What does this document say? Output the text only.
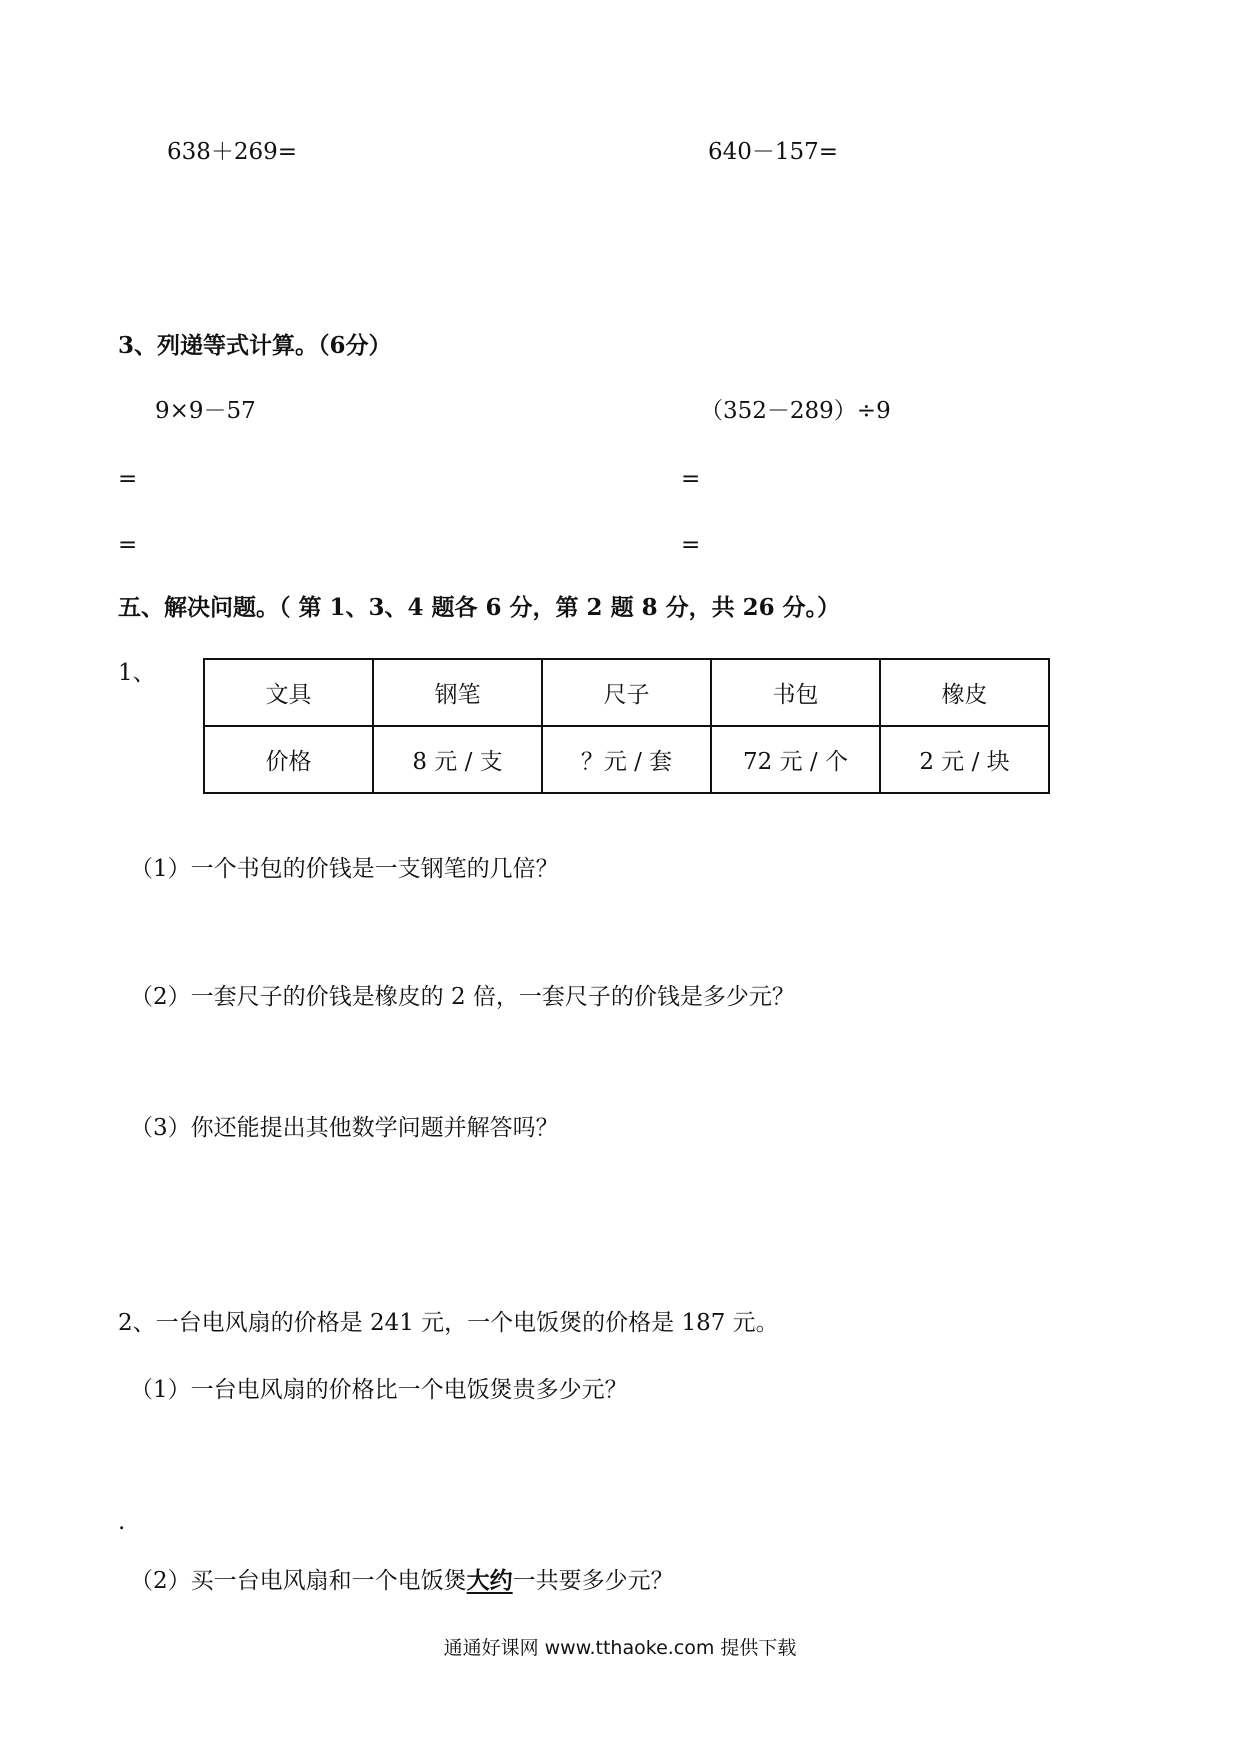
638＋269=	640－157=
3、列递等式计算。（6分）
9×9－57	（352－289）÷9
=	=
=	=
五、解决问题。（ 第 1、3、4 题各 6 分，第 2 题 8 分，共 26 分。）
1、
文具	钢笔	尺子	书包	橡皮
价格	8 元 / 支	？元 / 套	72 元 / 个	2 元 / 块
（1）一个书包的价钱是一支钢笔的几倍？
（2）一套尺子的价钱是橡皮的 2 倍，一套尺子的价钱是多少元？
（3）你还能提出其他数学问题并解答吗？
2、一台电风扇的价格是 241 元，一个电饭煲的价格是 187 元。
（1）一台电风扇的价格比一个电饭煲贵多少元？
.
（2）买一台电风扇和一个电饭煲大约一共要多少元？
通通好课网 www.tthaoke.com 提供下载
